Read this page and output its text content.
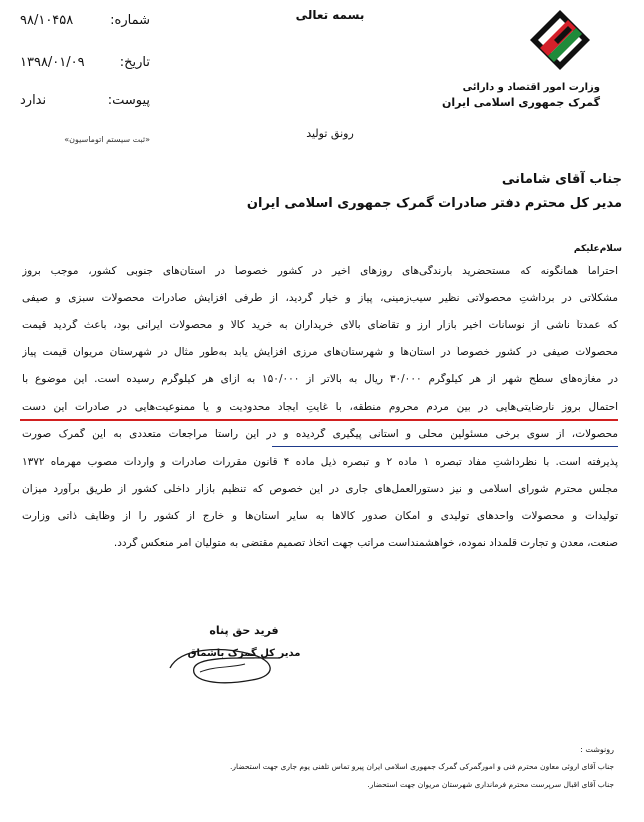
وزارت امور اقتصاد و دارائی
گمرک جمهوری اسلامی ایران
بسمه تعالی
رونق تولید
شماره:
۹۸/۱۰۴۵۸
تاریخ:
۱۳۹۸/۰۱/۰۹
پیوست:
ندارد
«ثبت سیستم اتوماسیون»
جناب آقای شامانی
مدیر کل محترم دفتر صادرات گمرک جمهوری اسلامی ایران
سلام‌علیکم
احتراماً همانگونه که مستحضرید بارندگی‌های روزهای اخیر در کشور خصوصاً در استان‌های جنوبی کشور، موجب بروز
مشکلاتی در برداشتِ محصولاتی نظیر سیب‌زمینی، پیاز و خیار گردید، از طرفی افزایش صادرات محصولات سبزی و صیفی
که عمدتاً ناشی از نوسانات اخیر بازار ارز و تقاضای بالای خریداران به خرید کالا و محصولات ایرانی بود، باعث گردید قیمت
محصولات صیفی در کشور خصوصاً در استان‌ها و شهرستان‌های مرزی افزایش یابد به‌طور مثال در شهرستان مریوان قیمت پیاز
در مغازه‌های سطح شهر از هر کیلوگرم ۳۰/۰۰۰ ریال به بالاتر از ۱۵۰/۰۰۰ به ازای هر کیلوگرم رسیده است. این موضوع با
احتمال بروز نارضایتی‌هایی در بین مردم محروم منطقه، با غایتِ ایجاد محدودیت و یا ممنوعیت‌هایی در صادرات این دست
محصولات، از سوی برخی مسئولین محلی و استانی پیگیری گردیده و در این راستا مراجعات متعددی به این گمرک صورت
پذیرفته است. با نظرداشتِ مفاد تبصره ۱ ماده ۲ و تبصره ذیل ماده ۴ قانون مقررات صادرات و واردات مصوب مهرماه ۱۳۷۲
مجلس محترم شورای اسلامی و نیز دستورالعمل‌های جاری در این خصوص که تنظیم بازار داخلی کشور از طریق برآورد میزان
تولیدات و محصولات واحدهای تولیدی و امکان صدور کالاها به سایر استان‌ها و خارج از کشور را از وظایف ذاتی وزارت
صنعت، معدن و تجارت قلمداد نموده، خواهشمنداست مراتب جهت اتخاذ تصمیم مقتضی به متولیان امر منعکس گردد.
فرید حق پناه
مدیر کل گمرک باشماق
رونوشت :
جناب آقای اروئی معاون محترم فنی و امورگمرکی گمرک جمهوری اسلامی ایران پیرو تماس تلفنی یوم جاری جهت استحضار.
جناب آقای اقبال سرپرست محترم فرمانداری شهرستان مریوان جهت استحضار.
